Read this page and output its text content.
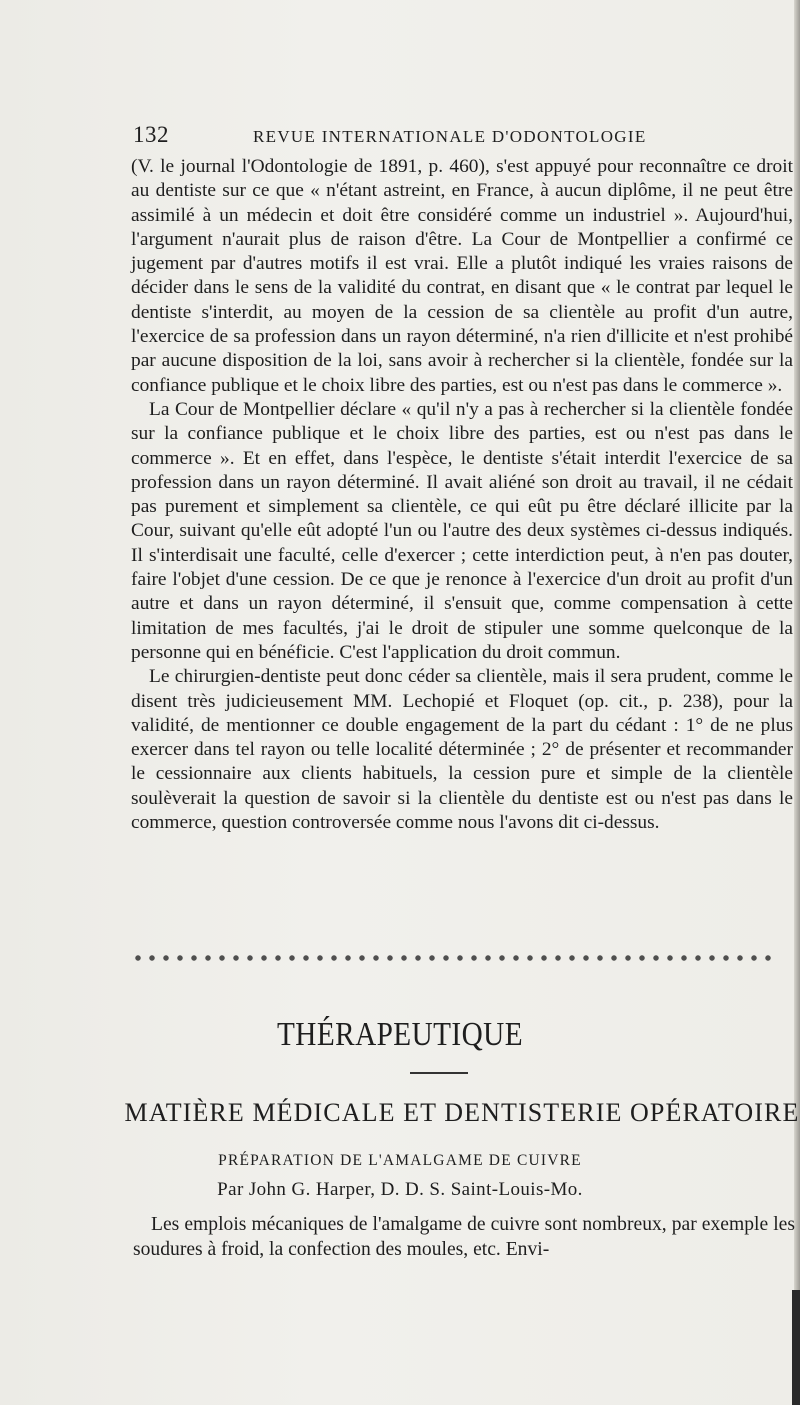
132	REVUE INTERNATIONALE D'ODONTOLOGIE

(V. le journal l'Odontologie de 1891, p. 460), s'est appuyé pour reconnaître ce droit au dentiste sur ce que « n'étant astreint, en France, à aucun diplôme, il ne peut être assimilé à un médecin et doit être considéré comme un industriel ». Aujourd'hui, l'argument n'aurait plus de raison d'être. La Cour de Montpellier a confirmé ce jugement par d'autres motifs il est vrai. Elle a plutôt indiqué les vraies raisons de décider dans le sens de la validité du contrat, en disant que « le contrat par lequel le dentiste s'interdit, au moyen de la cession de sa clientèle au profit d'un autre, l'exercice de sa profession dans un rayon déterminé, n'a rien d'illicite et n'est prohibé par aucune disposition de la loi, sans avoir à rechercher si la clientèle, fondée sur la confiance publique et le choix libre des parties, est ou n'est pas dans le commerce ».

La Cour de Montpellier déclare « qu'il n'y a pas à rechercher si la clientèle fondée sur la confiance publique et le choix libre des parties, est ou n'est pas dans le commerce ». Et en effet, dans l'espèce, le dentiste s'était interdit l'exercice de sa profession dans un rayon déterminé. Il avait aliéné son droit au travail, il ne cédait pas purement et simplement sa clientèle, ce qui eût pu être déclaré illicite par la Cour, suivant qu'elle eût adopté l'un ou l'autre des deux systèmes ci-dessus indiqués. Il s'interdisait une faculté, celle d'exercer ; cette interdiction peut, à n'en pas douter, faire l'objet d'une cession. De ce que je renonce à l'exercice d'un droit au profit d'un autre et dans un rayon déterminé, il s'ensuit que, comme compensation à cette limitation de mes facultés, j'ai le droit de stipuler une somme quelconque de la personne qui en bénéficie. C'est l'application du droit commun.

Le chirurgien-dentiste peut donc céder sa clientèle, mais il sera prudent, comme le disent très judicieusement MM. Lechopié et Floquet (op. cit., p. 238), pour la validité, de mentionner ce double engagement de la part du cédant : 1° de ne plus exercer dans tel rayon ou telle localité déterminée ; 2° de présenter et recommander le cessionnaire aux clients habituels, la cession pure et simple de la clientèle soulèverait la question de savoir si la clientèle du dentiste est ou n'est pas dans le commerce, question controversée comme nous l'avons dit ci-dessus.

THÉRAPEUTIQUE
MATIÈRE MÉDICALE ET DENTISTERIE OPÉRATOIRE
PRÉPARATION DE L'AMALGAME DE CUIVRE
Par John G. Harper, D. D. S. Saint-Louis-Mo.

Les emplois mécaniques de l'amalgame de cuivre sont nombreux, par exemple les soudures à froid, la confection des moules, etc. Envi-
